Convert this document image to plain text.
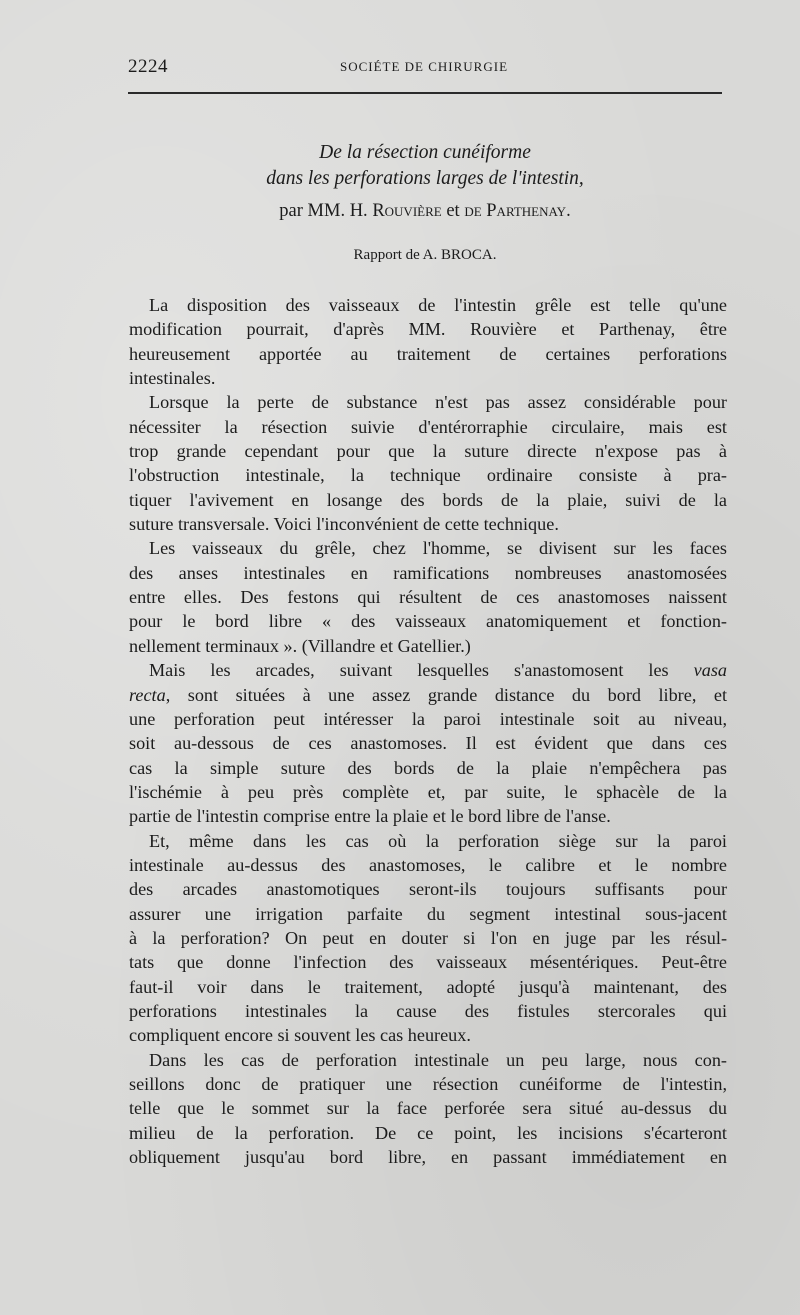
2224	SOCIÉTE DE CHIRURGIE
De la résection cunéiforme
dans les perforations larges de l'intestin,
par MM. H. Rouvière et de Parthenay.
Rapport de A. BROCA.
La disposition des vaisseaux de l'intestin grêle est telle qu'une
modification pourrait, d'après MM. Rouvière et Parthenay, être
heureusement apportée au traitement de certaines perforations
intestinales.
Lorsque la perte de substance n'est pas assez considérable pour
nécessiter la résection suivie d'entérorraphie circulaire, mais est
trop grande cependant pour que la suture directe n'expose pas à
l'obstruction intestinale, la technique ordinaire consiste à pra-
tiquer l'avivement en losange des bords de la plaie, suivi de la
suture transversale. Voici l'inconvénient de cette technique.
Les vaisseaux du grêle, chez l'homme, se divisent sur les faces
des anses intestinales en ramifications nombreuses anastomosées
entre elles. Des festons qui résultent de ces anastomoses naissent
pour le bord libre « des vaisseaux anatomiquement et fonction-
nellement terminaux ». (Villandre et Gatellier.)
Mais les arcades, suivant lesquelles s'anastomosent les vasa
recta, sont situées à une assez grande distance du bord libre, et
une perforation peut intéresser la paroi intestinale soit au niveau,
soit au-dessous de ces anastomoses. Il est évident que dans ces
cas la simple suture des bords de la plaie n'empêchera pas
l'ischémie à peu près complète et, par suite, le sphacèle de la
partie de l'intestin comprise entre la plaie et le bord libre de l'anse.
Et, même dans les cas où la perforation siège sur la paroi
intestinale au-dessus des anastomoses, le calibre et le nombre
des arcades anastomotiques seront-ils toujours suffisants pour
assurer une irrigation parfaite du segment intestinal sous-jacent
à la perforation? On peut en douter si l'on en juge par les résul-
tats que donne l'infection des vaisseaux mésentériques. Peut-être
faut-il voir dans le traitement, adopté jusqu'à maintenant, des
perforations intestinales la cause des fistules stercorales qui
compliquent encore si souvent les cas heureux.
Dans les cas de perforation intestinale un peu large, nous con-
seillons donc de pratiquer une résection cunéiforme de l'intestin,
telle que le sommet sur la face perforée sera situé au-dessus du
milieu de la perforation. De ce point, les incisions s'écarteront
obliquement jusqu'au bord libre, en passant immédiatement en
